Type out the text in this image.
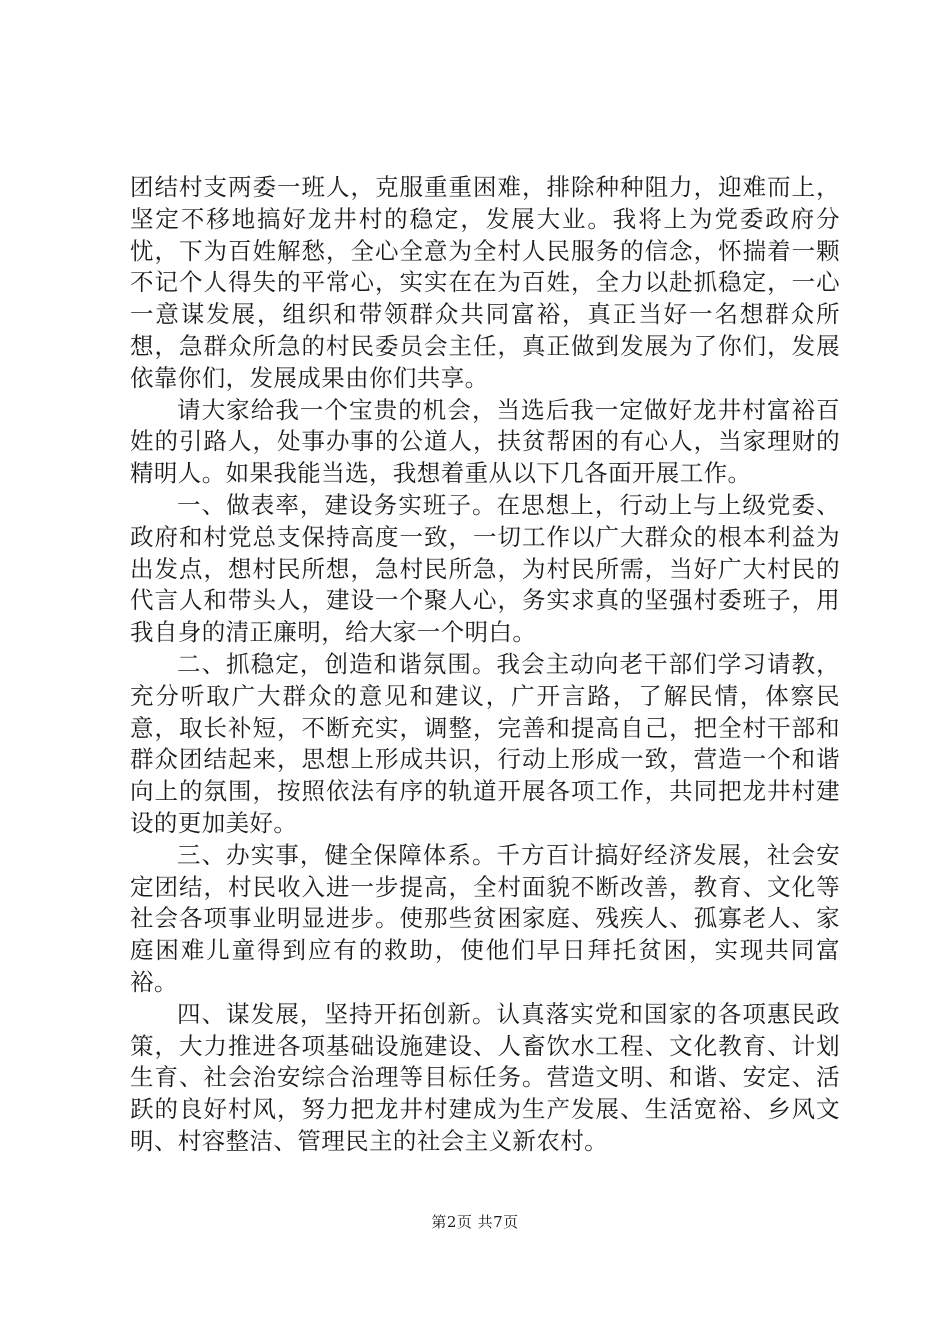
团结村支两委一班人，克服重重困难，排除种种阻力，迎难而上，坚定不移地搞好龙井村的稳定，发展大业。我将上为党委政府分忧，下为百姓解愁，全心全意为全村人民服务的信念，怀揣着一颗不记个人得失的平常心，实实在在为百姓，全力以赴抓稳定，一心一意谋发展，组织和带领群众共同富裕，真正当好一名想群众所想，急群众所急的村民委员会主任，真正做到发展为了你们，发展依靠你们，发展成果由你们共享。

请大家给我一个宝贵的机会，当选后我一定做好龙井村富裕百姓的引路人，处事办事的公道人，扶贫帮困的有心人，当家理财的精明人。如果我能当选，我想着重从以下几各面开展工作。

一、做表率，建设务实班子。在思想上，行动上与上级党委、政府和村党总支保持高度一致，一切工作以广大群众的根本利益为出发点，想村民所想，急村民所急，为村民所需，当好广大村民的代言人和带头人，建设一个聚人心，务实求真的坚强村委班子，用我自身的清正廉明，给大家一个明白。

二、抓稳定，创造和谐氛围。我会主动向老干部们学习请教，充分听取广大群众的意见和建议，广开言路，了解民情，体察民意，取长补短，不断充实，调整，完善和提高自己，把全村干部和群众团结起来，思想上形成共识，行动上形成一致，营造一个和谐向上的氛围，按照依法有序的轨道开展各项工作，共同把龙井村建设的更加美好。

三、办实事，健全保障体系。千方百计搞好经济发展，社会安定团结，村民收入进一步提高，全村面貌不断改善，教育、文化等社会各项事业明显进步。使那些贫困家庭、残疾人、孤寡老人、家庭困难儿童得到应有的救助，使他们早日拜托贫困，实现共同富裕。

四、谋发展，坚持开拓创新。认真落实党和国家的各项惠民政策，大力推进各项基础设施建设、人畜饮水工程、文化教育、计划生育、社会治安综合治理等目标任务。营造文明、和谐、安定、活跃的良好村风，努力把龙井村建成为生产发展、生活宽裕、乡风文明、村容整洁、管理民主的社会主义新农村。

第2页 共7页
